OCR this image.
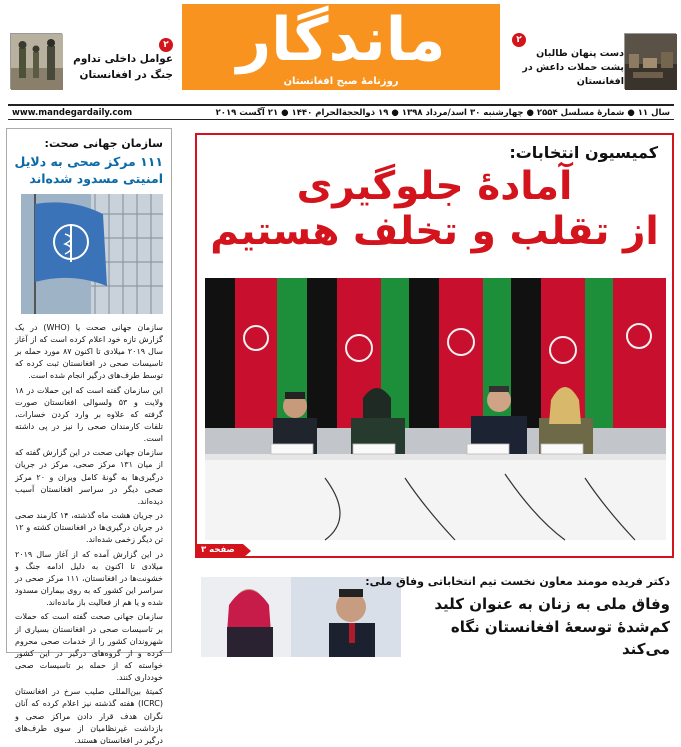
۲
عوامل داخلی تداوم جنگ در افغانستان	ماندگار
روزنامهٔ صبح افغانستان
۲
دست پنهان طالبان پشت حملات داعش در افغانستان
www.mandegardaily.com	سال ۱۱ ● شمارهٔ مسلسل ۲۵۵۴ ● چهارشنبه ۳۰ اسد/مرداد ۱۳۹۸ ● ۱۹ ذوالحجةالحرام ۱۴۴۰ ● ۲۱ آگست ۲۰۱۹
سازمان جهانی صحت:
۱۱۱ مرکز صحی به دلایل امنیتی مسدود شده‌اند

سازمان جهانی صحت یا (WHO) در یک گزارش تازه خود اعلام کرده است که از آغاز سال ۲۰۱۹ میلادی تا اکنون ۸۷ مورد حمله بر تاسیسات صحی در افغانستان ثبت کرده که توسط طرف‌های درگیر انجام شده است.

این سازمان گفته است که این حملات در ۱۸ ولایت و ۵۳ ولسوالی افغانستان صورت گرفته که علاوه بر وارد کردن خسارات، تلفات کارمندان صحی را نیز در پی داشته است.

سازمان جهانی صحت در این گزارش گفته که از میان ۱۳۱ مرکز صحی، مرکز در جریان درگیری‌ها به گونهٔ کامل ویران و ۲۰ مرکز صحی دیگر در سراسر افغانستان آسیب دیده‌اند.

در جریان هشت ماه گذشته، ۱۴ کارمند صحی در جریان درگیری‌ها در افغانستان کشته و ۱۲ تن دیگر زخمی شده‌اند.

در این گزارش آمده که از آغاز سال ۲۰۱۹ میلادی تا اکنون به دلیل ادامه جنگ و خشونت‌ها در افغانستان، ۱۱۱ مرکز صحی در سراسر این کشور که به روی بیماران مسدود شده و یا هم از فعالیت باز مانده‌اند.

سازمان جهانی صحت گفته است که حملات بر تاسیسات صحی در افغانستان بسیاری از شهروندان کشور را از خدمات صحی محروم کرده و از گروه‌های درگیر در این کشور خواسته که از حمله بر تاسیسات صحی خودداری کنند.

کمیتهٔ بین‌المللی صلیب سرخ در افغانستان (ICRC) هفته گذشته نیز اعلام کرده که آنان نگران هدف قرار دادن مراکز صحی و بازداشت غیرنظامیان از سوی طرف‌های درگیر در افغانستان هستند.

کمیسیون انتخابات:
آمادهٔ جلوگیری
از تقلب و تخلف هستیم
صفحه ۳
دکتر فریده مومند معاون نخست تیم انتخاباتی وفاق ملی:
وفاق ملی به زنان به عنوان کلید کم‌شدهٔ توسعهٔ افغانستان نگاه می‌کند
